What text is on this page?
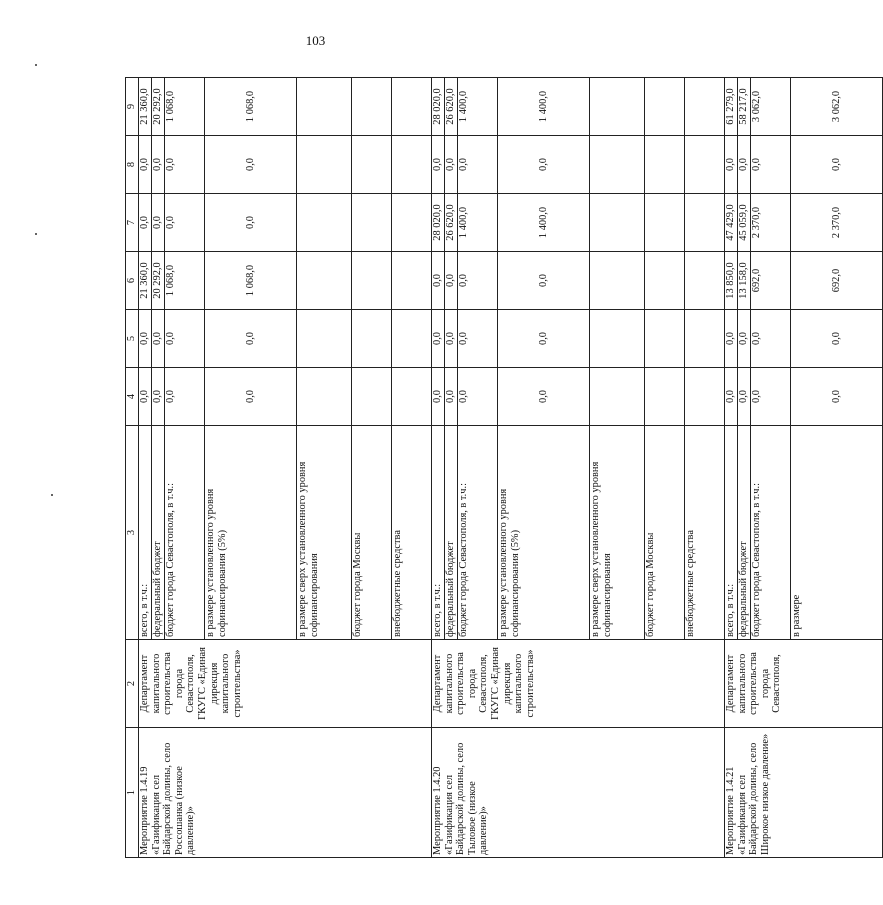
103
1	2	3	4	5	6	7	8	9
Мероприятие 1.4.19 «Газификация сел Байдарской долины, село Россошанка (низкое давление)»	Департамент капитального строительства города Севастополя, ГКУГС «Единая дирекция капитального строительства»	всего, в т.ч.:	0,0	0,0	21 360,0	0,0	0,0	21 360,0
		федеральный бюджет	0,0	0,0	20 292,0	0,0	0,0	20 292,0
		бюджет города Севастополя, в т.ч.:	0,0	0,0	1 068,0	0,0	0,0	1 068,0
		в размере установленного уровня софинансирования (5%)	0,0	0,0	1 068,0	0,0	0,0	1 068,0
		в размере сверх установленного уровня софинансирования						
		бюджет города Москвы						
		внебюджетные средства						
Мероприятие 1.4.20 «Газификация сел Байдарской долины, село Тыловое (низкое давление)»	Департамент капитального строительства города Севастополя, ГКУГС «Единая дирекция капитального строительства»	всего, в т.ч.:	0,0	0,0	0,0	28 020,0	0,0	28 020,0
		федеральный бюджет	0,0	0,0	0,0	26 620,0	0,0	26 620,0
		бюджет города Севастополя, в т.ч.:	0,0	0,0	0,0	1 400,0	0,0	1 400,0
		в размере установленного уровня софинансирования (5%)	0,0	0,0	0,0	1 400,0	0,0	1 400,0
		в размере сверх установленного уровня софинансирования						
		бюджет города Москвы						
		внебюджетные средства						
Мероприятие 1.4.21 «Газификация сел Байдарской долины, село Широкое низкое давление»	Департамент капитального строительства города Севастополя,	всего, в т.ч.:	0,0	0,0	13 850,0	47 429,0	0,0	61 279,0
		федеральный бюджет	0,0	0,0	13 158,0	45 059,0	0,0	58 217,0
		бюджет города Севастополя, в т.ч.:	0,0	0,0	692,0	2 370,0	0,0	3 062,0
		в размере	0,0	0,0	692,0	2 370,0	0,0	3 062,0
